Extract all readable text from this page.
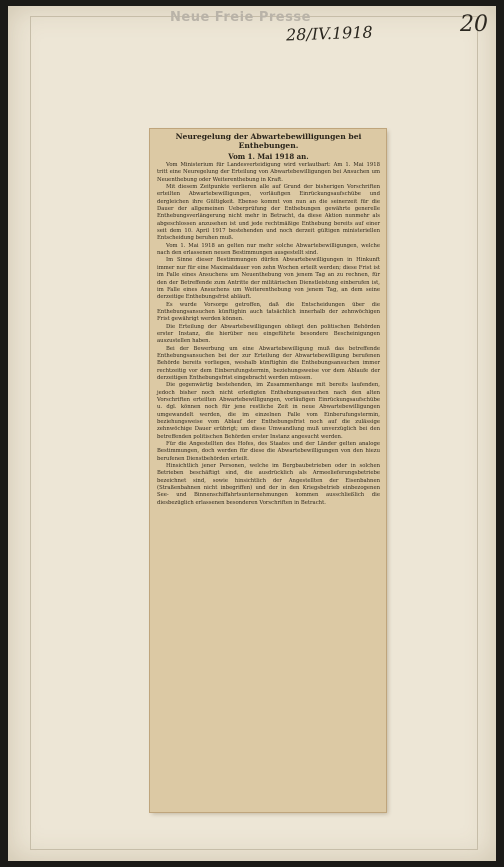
Neue Freie Presse
28/IV.1918	20

Neuregelung der Abwartebewilligungen bei Enthebungen.

Vom 1. Mai 1918 an.

Vom Ministerium für Landesverteidigung wird verlautbart: Am 1. Mai 1918 tritt eine Neuregelung der Erteilung von Abwartebewilligungen bei Ansuchen um Neuenthebung oder Weiterenthebung in Kraft.

Mit diesem Zeitpunkte verlieren alle auf Grund der bisherigen Vorschriften erteilten Abwartebewilligungen, vorläufigen Einrückungsaufschübe und dergleichen ihre Gültigkeit. Ebenso kommt von nun an die seinerzeit für die Dauer der allgemeinen Ueberprüfung der Enthebungen gewährte generelle Enthebungsverlängerung nicht mehr in Betracht, da diese Aktion nunmehr als abgeschlossen anzusehen ist und jede rechtmäßige Enthebung bereits auf einer seit dem 10. April 1917 bestehenden und noch derzeit gültigen ministeriellen Entscheidung beruhen muß.

Vom 1. Mai 1918 an gelten nur mehr solche Abwartebewilligungen, welche nach den erlassenen neuen Bestimmungen ausgestellt sind.

Im Sinne dieser Bestimmungen dürfen Abwartebewilligungen in Hinkunft immer nur für eine Maximaldauer von zehn Wochen erteilt werden; diese Frist ist im Falle eines Ansuchens um Neuenthebung von jenem Tag an zu rechnen, für den der Betreffende zum Antritte der militärischen Dienstleistung einberufen ist, im Falle eines Ansuchens um Weiterenthebung von jenem Tag, an dem seine derzeitige Enthebungsfrist abläuft.

Es wurde Vorsorge getroffen, daß die Entscheidungen über die Enthebungsansuchen künftighin auch tatsächlich innerhalb der zehnwöchigen Frist gewährigt werden können.

Die Erteilung der Abwartebewilligungen obliegt den politischen Behörden erster Instanz, die hierüber neu eingeführte besondere Bescheinigungen auszustellen haben.

Bei der Bewerbung um eine Abwartebewilligung muß das betreffende Enthebungsansuchen bei der zur Erteilung der Abwartebewilligung berufenen Behörde bereits vorliegen, weshalb künftighin die Enthebungsansuchen immer rechtzeitig vor dem Einberufungstermin, beziehungsweise vor dem Ablaufe der derzeitigen Enthebungsfrist eingebracht werden müssen.

Die gegenwärtig bestehenden, im Zusammenhange mit bereits laufenden, jedoch bisher noch nicht erledigten Enthebungsansuchen nach den alten Vorschriften erteilten Abwartebewilligungen, vorläufigen Einrückungsaufschübe u. dgl. können noch für jene restliche Zeit in neue Abwartebewilligungen umgewandelt werden, die im einzelnen Falle vom Einberufungstermin, beziehungsweise vom Ablauf der Enthebungsfrist noch auf die zulässige zehnwöchige Dauer erübrigt; um diese Umwandlung muß unverzüglich bei den betreffenden politischen Behörden erster Instanz angesucht werden.

Für die Angestellten des Hofes, des Staates und der Länder gelten analoge Bestimmungen, doch werden für diese die Abwartebewilligungen von den hiezu berufenen Dienstbehörden erteilt.

Hinsichtlich jener Personen, welche im Bergbaubetrieben oder in solchen Betrieben beschäftigt sind, die ausdrücklich als Armeelieferungsbetriebe bezeichnet sind, sowie hinsichtlich der Angestellten der Eisenbahnen (Straßenbahnen nicht inbegriffen) und der in den Kriegsbetrieb einbezogenen See- und Binnenschiffahrtsunternehmungen kommen ausschließlich die diesbezüglich erlassenen besonderen Vorschriften in Betracht.
